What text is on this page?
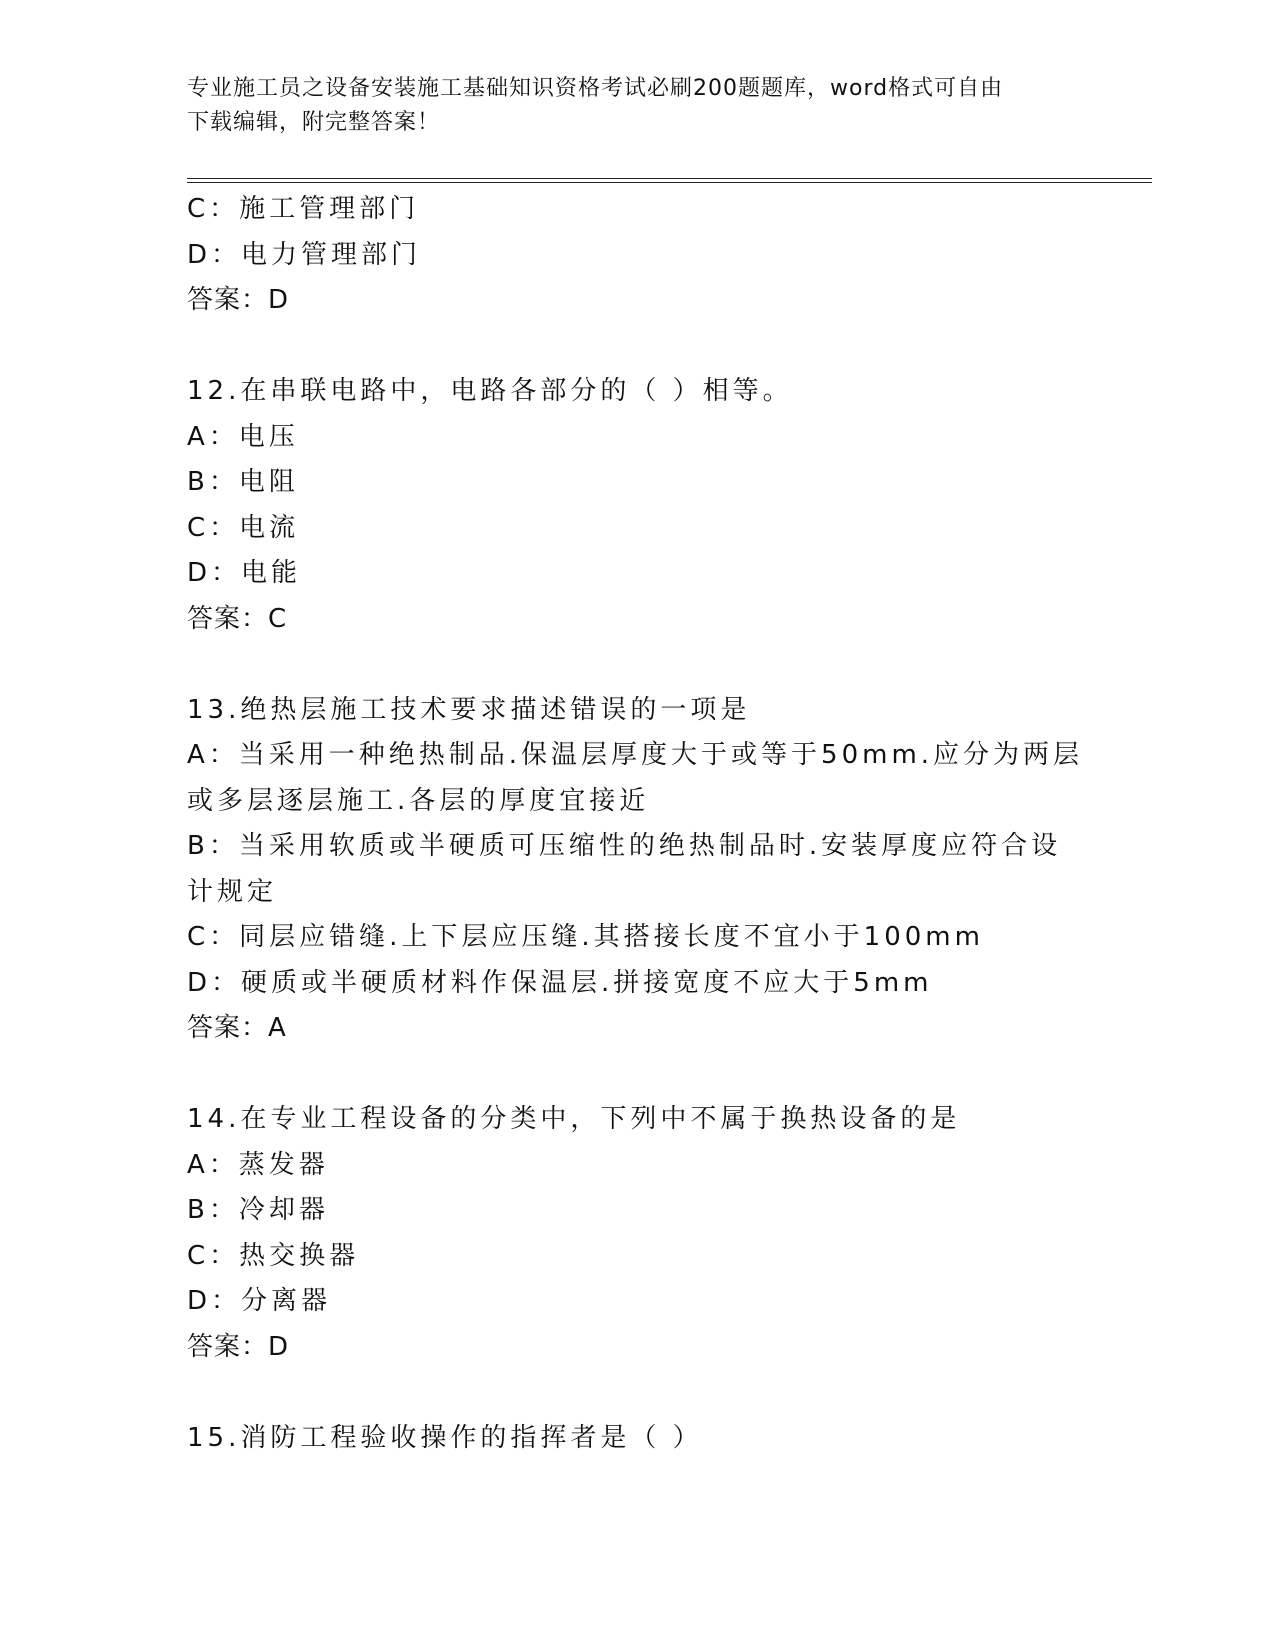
专业施工员之设备安装施工基础知识资格考试必刷200题题库，word格式可自由
下载编辑，附完整答案！
C：施工管理部门
D：电力管理部门
答案：D
12.在串联电路中，电路各部分的（ ）相等。
A：电压
B：电阻
C：电流
D：电能
答案：C
13.绝热层施工技术要求描述错误的一项是
A：当采用一种绝热制品.保温层厚度大于或等于50mm.应分为两层或多层逐层施工.各层的厚度宜接近
B：当采用软质或半硬质可压缩性的绝热制品时.安装厚度应符合设计规定
C：同层应错缝.上下层应压缝.其搭接长度不宜小于100mm
D：硬质或半硬质材料作保温层.拼接宽度不应大于5mm
答案：A
14.在专业工程设备的分类中，下列中不属于换热设备的是
A：蒸发器
B：冷却器
C：热交换器
D：分离器
答案：D
15.消防工程验收操作的指挥者是（ ）
